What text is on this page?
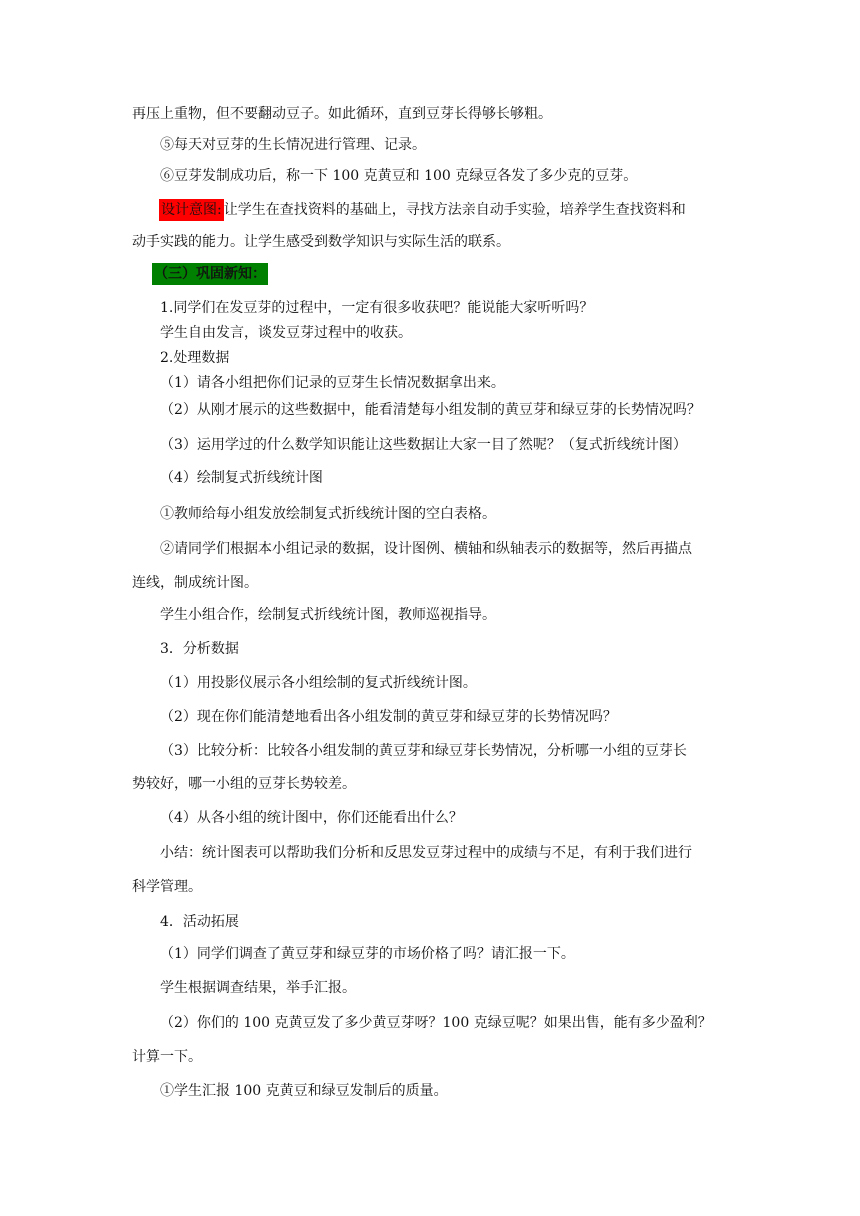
再压上重物，但不要翻动豆子。如此循环，直到豆芽长得够长够粗。
⑤每天对豆芽的生长情况进行管理、记录。
⑥豆芽发制成功后，称一下 100 克黄豆和 100 克绿豆各发了多少克的豆芽。
设计意图: 让学生在查找资料的基础上，寻找方法亲自动手实验，培养学生查找资料和
动手实践的能力。让学生感受到数学知识与实际生活的联系。
（三）巩固新知：
1.同学们在发豆芽的过程中，一定有很多收获吧？能说能大家听听吗？
学生自由发言，谈发豆芽过程中的收获。
2.处理数据
（1）请各小组把你们记录的豆芽生长情况数据拿出来。
（2）从刚才展示的这些数据中，能看清楚每小组发制的黄豆芽和绿豆芽的长势情况吗？
（3）运用学过的什么数学知识能让这些数据让大家一目了然呢？（复式折线统计图）
（4）绘制复式折线统计图
①教师给每小组发放绘制复式折线统计图的空白表格。
②请同学们根据本小组记录的数据，设计图例、横轴和纵轴表示的数据等，然后再描点
连线，制成统计图。
学生小组合作，绘制复式折线统计图，教师巡视指导。
3．分析数据
（1）用投影仪展示各小组绘制的复式折线统计图。
（2）现在你们能清楚地看出各小组发制的黄豆芽和绿豆芽的长势情况吗？
（3）比较分析：比较各小组发制的黄豆芽和绿豆芽长势情况，分析哪一小组的豆芽长
势较好，哪一小组的豆芽长势较差。
（4）从各小组的统计图中，你们还能看出什么？
小结：统计图表可以帮助我们分析和反思发豆芽过程中的成绩与不足，有利于我们进行
科学管理。
4．活动拓展
（1）同学们调查了黄豆芽和绿豆芽的市场价格了吗？请汇报一下。
学生根据调查结果，举手汇报。
（2）你们的 100 克黄豆发了多少黄豆芽呀？100 克绿豆呢？如果出售，能有多少盈利？
计算一下。
①学生汇报 100 克黄豆和绿豆发制后的质量。
